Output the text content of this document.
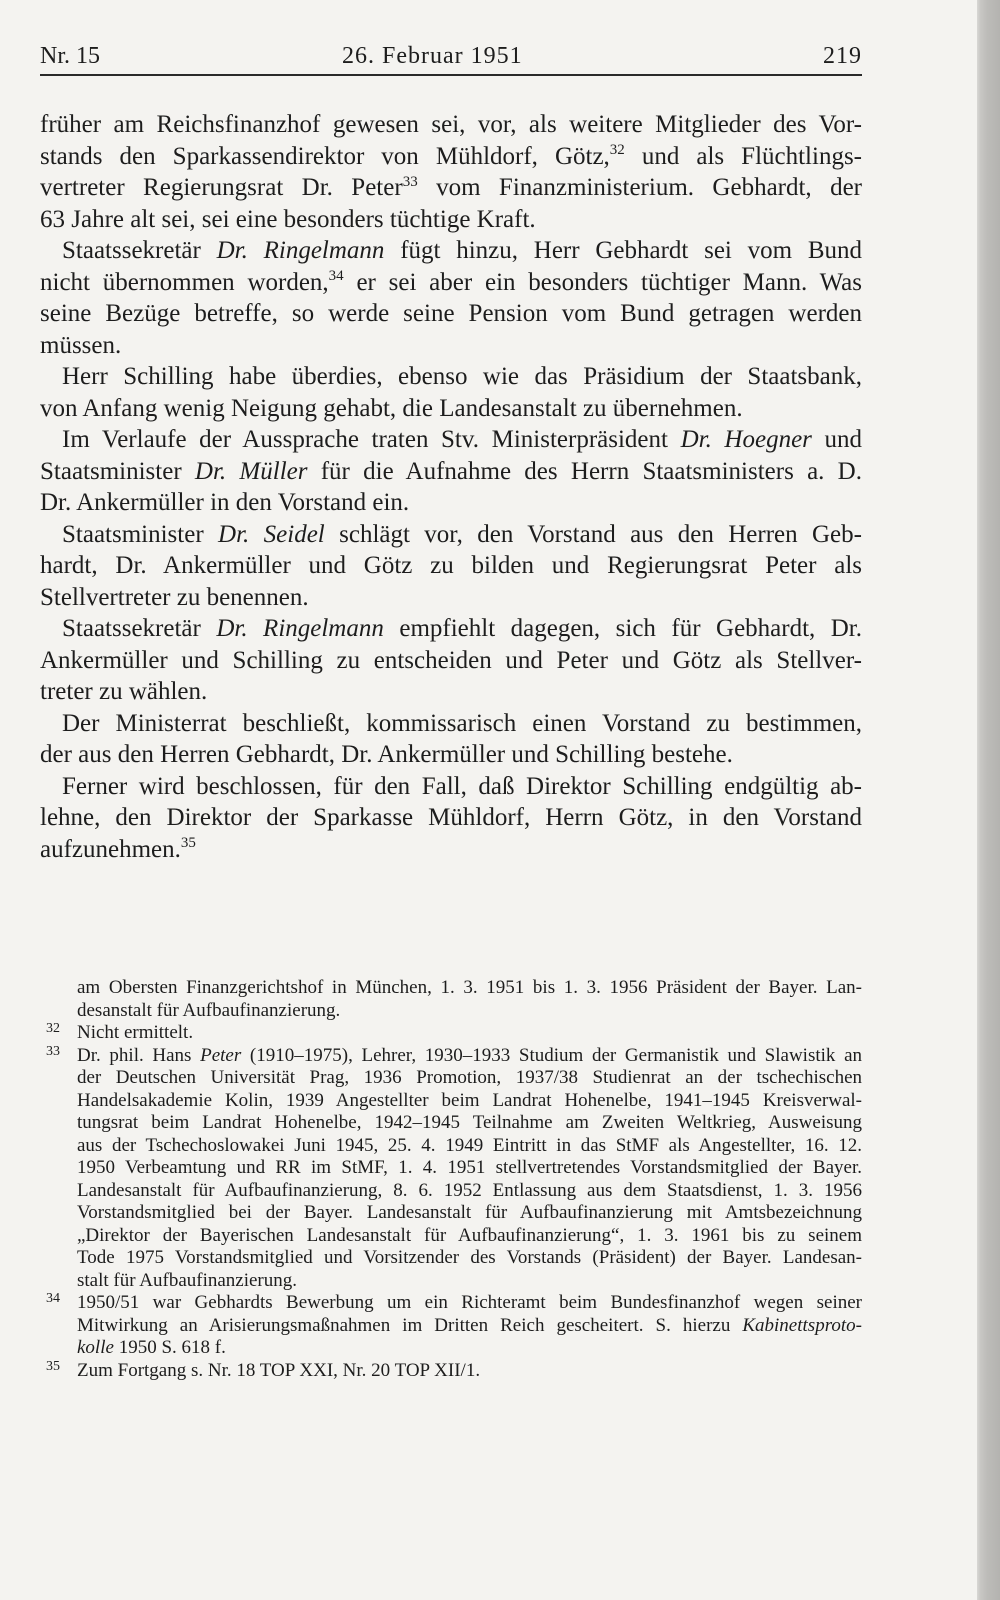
Nr. 15	26. Februar 1951	219
früher am Reichsfinanzhof gewesen sei, vor, als weitere Mitglieder des Vor-
stands den Sparkassendirektor von Mühldorf, Götz,$^{32}$ und als Flüchtlings-
vertreter Regierungsrat Dr. Peter$^{33}$ vom Finanzministerium. Gebhardt, der
63 Jahre alt sei, sei eine besonders tüchtige Kraft.
Staatssekretär Dr. Ringelmann fügt hinzu, Herr Gebhardt sei vom Bund
nicht übernommen worden,$^{34}$ er sei aber ein besonders tüchtiger Mann. Was
seine Bezüge betreffe, so werde seine Pension vom Bund getragen werden
müssen.
Herr Schilling habe überdies, ebenso wie das Präsidium der Staatsbank,
von Anfang wenig Neigung gehabt, die Landesanstalt zu übernehmen.
Im Verlaufe der Aussprache traten Stv. Ministerpräsident Dr. Hoegner und
Staatsminister Dr. Müller für die Aufnahme des Herrn Staatsministers a. D.
Dr. Ankermüller in den Vorstand ein.
Staatsminister Dr. Seidel schlägt vor, den Vorstand aus den Herren Geb-
hardt, Dr. Ankermüller und Götz zu bilden und Regierungsrat Peter als
Stellvertreter zu benennen.
Staatssekretär Dr. Ringelmann empfiehlt dagegen, sich für Gebhardt, Dr.
Ankermüller und Schilling zu entscheiden und Peter und Götz als Stellver-
treter zu wählen.
Der Ministerrat beschließt, kommissarisch einen Vorstand zu bestimmen,
der aus den Herren Gebhardt, Dr. Ankermüller und Schilling bestehe.
Ferner wird beschlossen, für den Fall, daß Direktor Schilling endgültig ab-
lehne, den Direktor der Sparkasse Mühldorf, Herrn Götz, in den Vorstand
aufzunehmen.$^{35}$
am Obersten Finanzgerichtshof in München, 1. 3. 1951 bis 1. 3. 1956 Präsident der Bayer. Lan-
desanstalt für Aufbaufinanzierung.
32 Nicht ermittelt.
33 Dr. phil. Hans Peter (1910–1975), Lehrer, 1930–1933 Studium der Germanistik und Slawistik an
der Deutschen Universität Prag, 1936 Promotion, 1937/38 Studienrat an der tschechischen
Handelsakademie Kolin, 1939 Angestellter beim Landrat Hohenelbe, 1941–1945 Kreisverwal-
tungsrat beim Landrat Hohenelbe, 1942–1945 Teilnahme am Zweiten Weltkrieg, Ausweisung
aus der Tschechoslowakei Juni 1945, 25. 4. 1949 Eintritt in das StMF als Angestellter, 16. 12.
1950 Verbeamtung und RR im StMF, 1. 4. 1951 stellvertretendes Vorstandsmitglied der Bayer.
Landesanstalt für Aufbaufinanzierung, 8. 6. 1952 Entlassung aus dem Staatsdienst, 1. 3. 1956
Vorstandsmitglied bei der Bayer. Landesanstalt für Aufbaufinanzierung mit Amtsbezeichnung
„Direktor der Bayerischen Landesanstalt für Aufbaufinanzierung“, 1. 3. 1961 bis zu seinem
Tode 1975 Vorstandsmitglied und Vorsitzender des Vorstands (Präsident) der Bayer. Landesan-
stalt für Aufbaufinanzierung.
34 1950/51 war Gebhardts Bewerbung um ein Richteramt beim Bundesfinanzhof wegen seiner
Mitwirkung an Arisierungsmaßnahmen im Dritten Reich gescheitert. S. hierzu Kabinettsproto-
kolle 1950 S. 618 f.
35 Zum Fortgang s. Nr. 18 TOP XXI, Nr. 20 TOP XII/1.
